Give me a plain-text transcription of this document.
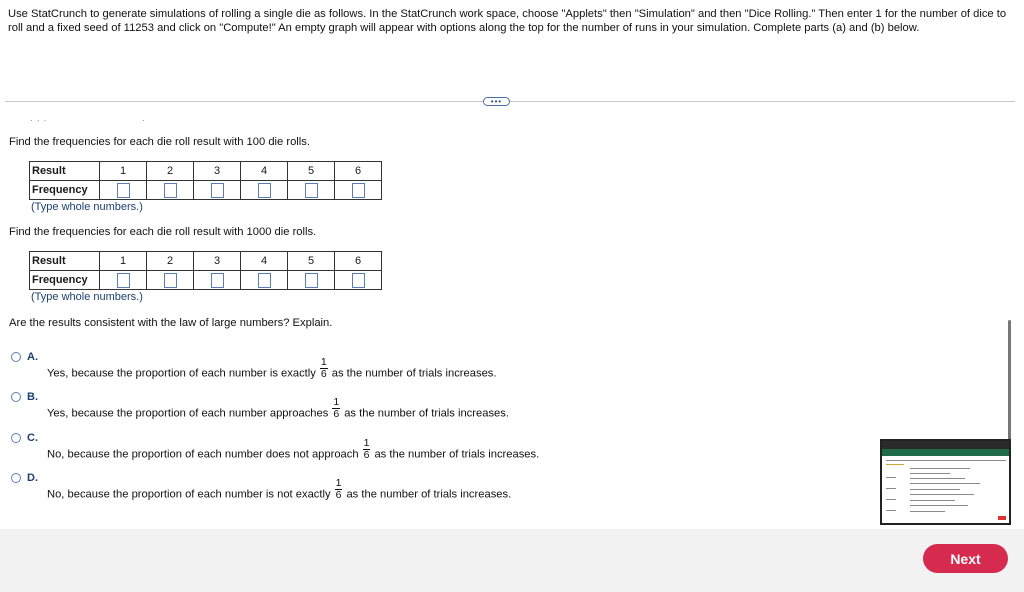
Use StatCrunch to generate simulations of rolling a single die as follows. In the StatCrunch work space, choose "Applets" then "Simulation" and then "Dice Rolling." Then enter 1 for the number of dice to roll and a fixed seed of 11253 and click on "Compute!" An empty graph will appear with options along the top for the number of runs in your simulation. Complete parts (a) and (b) below.
•••
· · ·	·
Find the frequencies for each die roll result with 100 die rolls.
Result	1	2	3	4	5	6
Frequency						
(Type whole numbers.)
Find the frequencies for each die roll result with 1000 die rolls.
Result	1	2	3	4	5	6
Frequency						
(Type whole numbers.)
Are the results consistent with the law of large numbers? Explain.
A.
Yes, because the proportion of each number is exactly $\frac{1}{6}$ as the number of trials increases.
B.
Yes, because the proportion of each number approaches $\frac{1}{6}$ as the number of trials increases.
C.
No, because the proportion of each number does not approach $\frac{1}{6}$ as the number of trials increases.
D.
No, because the proportion of each number is not exactly $\frac{1}{6}$ as the number of trials increases.
Next
